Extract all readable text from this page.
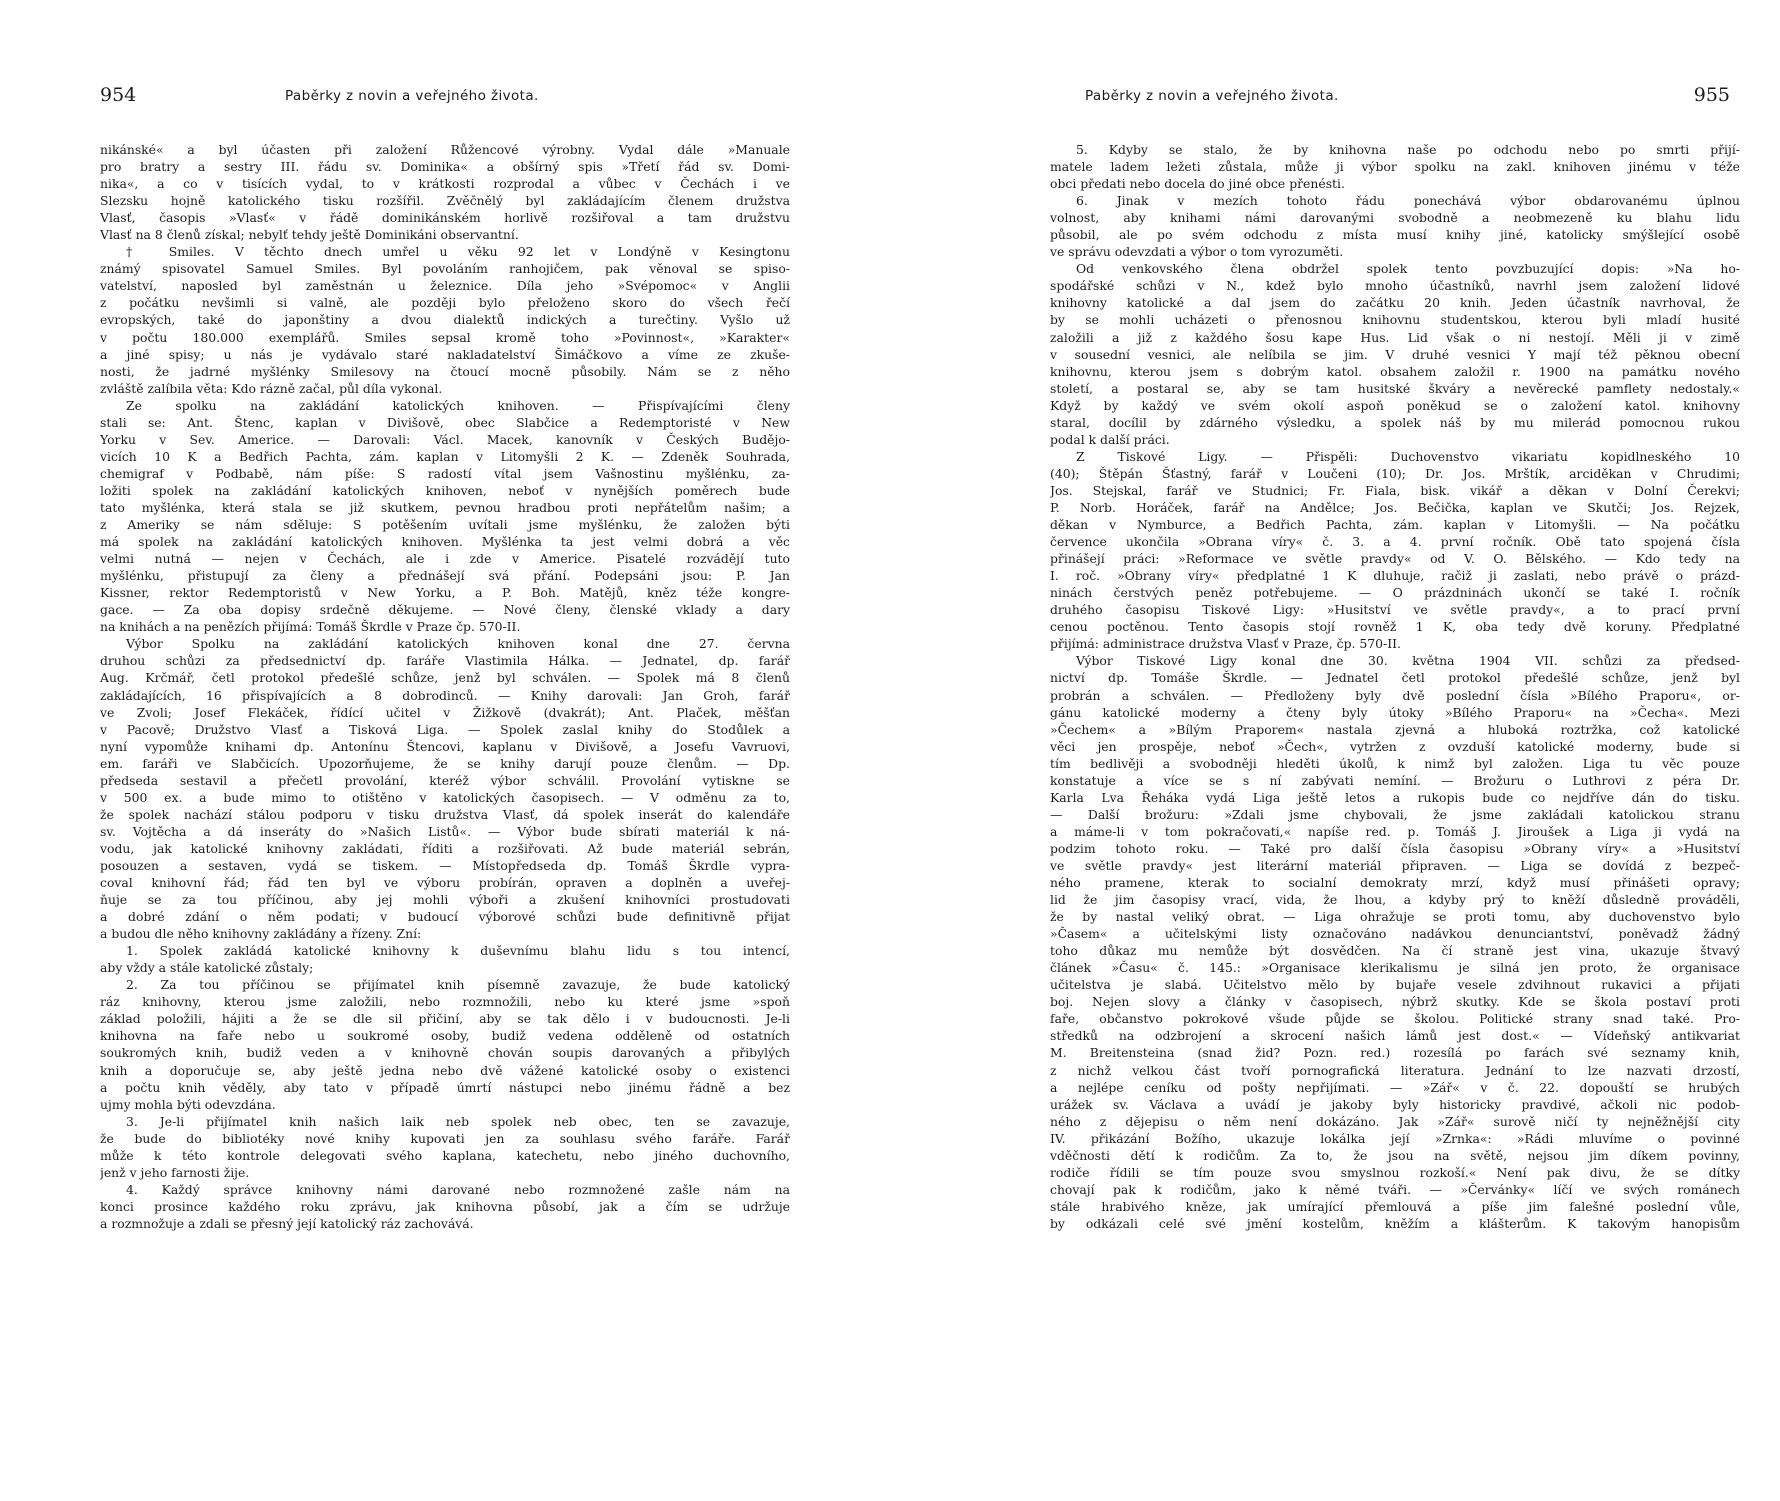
954	Paběrky z novin a veřejného života.
nikánské« a byl účasten při založení Růžencové výrobny. Vydal dále »Manuale
pro bratry a sestry III. řádu sv. Dominika« a obšírný spis »Třetí řád sv. Domi-
nika«, a co v tisících vydal, to v krátkosti rozprodal a vůbec v Čechách i ve
Slezsku hojně katolického tisku rozšířil. Zvěčnělý byl zakládajícím členem družstva
Vlasť, časopis »Vlasť« v řádě dominikánském horlivě rozšiřoval a tam družstvu
Vlasť na 8 členů získal; nebylť tehdy ještě Dominikáni observantní.
† Smiles. V těchto dnech umřel u věku 92 let v Londýně v Kesingtonu
známý spisovatel Samuel Smiles. Byl povoláním ranhojičem, pak věnoval se spiso-
vatelství, naposled byl zaměstnán u železnice. Díla jeho »Svépomoc« v Anglii
z počátku nevšimli si valně, ale později bylo přeloženo skoro do všech řečí
evropských, také do japonštiny a dvou dialektů indických a turečtiny. Vyšlo už
v počtu 180.000 exemplářů. Smiles sepsal kromě toho »Povinnost«, »Karakter«
a jiné spisy; u nás je vydávalo staré nakladatelství Šimáčkovo a víme ze zkuše-
nosti, že jadrné myšlénky Smilesovy na čtoucí mocně působily. Nám se z něho
zvláště zalíbila věta: Kdo rázně začal, půl díla vykonal.
Ze spolku na zakládání katolických knihoven. — Přispívajícími členy
stali se: Ant. Štenc, kaplan v Divišově, obec Slabčice a Redemptoristé v New
Yorku v Sev. Americe. — Darovali: Václ. Macek, kanovník v Českých Budějo-
vicích 10 K a Bedřich Pachta, zám. kaplan v Litomyšli 2 K. — Zdeněk Souhrada,
chemigraf v Podbabě, nám píše: S radostí vítal jsem Vašnostinu myšlénku, za-
ložiti spolek na zakládání katolických knihoven, neboť v nynějších poměrech bude
tato myšlénka, která stala se již skutkem, pevnou hradbou proti nepřátelům našim; a
z Ameriky se nám sděluje: S potěšením uvítali jsme myšlénku, že založen býti
má spolek na zakládání katolických knihoven. Myšlénka ta jest velmi dobrá a věc
velmi nutná — nejen v Čechách, ale i zde v Americe. Pisatelé rozvádějí tuto
myšlénku, přistupují za členy a přednášejí svá přání. Podepsáni jsou: P. Jan
Kissner, rektor Redemptoristů v New Yorku, a P. Boh. Matějů, kněz téže kongre-
gace. — Za oba dopisy srdečně děkujeme. — Nové členy, členské vklady a dary
na knihách a na penězích přijímá: Tomáš Škrdle v Praze čp. 570-II.
Výbor Spolku na zakládání katolických knihoven konal dne 27. června
druhou schůzi za předsednictví dp. faráře Vlastimila Hálka. — Jednatel, dp. farář
Aug. Krčmář, četl protokol předešlé schůze, jenž byl schválen. — Spolek má 8 členů
zakládajících, 16 přispívajících a 8 dobrodinců. — Knihy darovali: Jan Groh, farář
ve Zvoli; Josef Flekáček, řídící učitel v Žižkově (dvakrát); Ant. Plaček, měšťan
v Pacově; Družstvo Vlasť a Tisková Liga. — Spolek zaslal knihy do Stodůlek a
nyní vypomůže knihami dp. Antonínu Štencovi, kaplanu v Divišově, a Josefu Vavruovi,
em. faráři ve Slabčicích. Upozorňujeme, že se knihy darují pouze členům. — Dp.
předseda sestavil a přečetl provolání, kteréž výbor schválil. Provolání vytiskne se
v 500 ex. a bude mimo to otištěno v katolických časopisech. — V odměnu za to,
že spolek nachází stálou podporu v tisku družstva Vlasť, dá spolek inserát do kalendáře
sv. Vojtěcha a dá inseráty do »Našich Listů«. — Výbor bude sbírati materiál k ná-
vodu, jak katolické knihovny zakládati, říditi a rozšiřovati. Až bude materiál sebrán,
posouzen a sestaven, vydá se tiskem. — Místopředseda dp. Tomáš Škrdle vypra-
coval knihovní řád; řád ten byl ve výboru probírán, opraven a doplněn a uveřej-
ňuje se za tou příčinou, aby jej mohli výboři a zkušení knihovníci prostudovati
a dobré zdání o něm podati; v budoucí výborové schůzi bude definitivně přijat
a budou dle něho knihovny zakládány a řízeny. Zní:
1. Spolek zakládá katolické knihovny k duševnímu blahu lidu s tou intencí,
aby vždy a stále katolické zůstaly;
2. Za tou příčinou se přijímatel knih písemně zavazuje, že bude katolický
ráz knihovny, kterou jsme založili, nebo rozmnožili, nebo ku které jsme »spoň
základ položili, hájiti a že se dle sil přičiní, aby se tak dělo i v budoucnosti. Je-li
knihovna na faře nebo u soukromé osoby, budiž vedena odděleně od ostatních
soukromých knih, budiž veden a v knihovně chován soupis darovaných a přibylých
knih a doporučuje se, aby ještě jedna nebo dvě vážené katolické osoby o existenci
a počtu knih věděly, aby tato v případě úmrtí nástupci nebo jinému řádně a bez
ujmy mohla býti odevzdána.
3. Je-li přijímatel knih našich laik neb spolek neb obec, ten se zavazuje,
že bude do bibliotéky nové knihy kupovati jen za souhlasu svého faráře. Farář
může k této kontrole delegovati svého kaplana, katechetu, nebo jiného duchovního,
jenž v jeho farnosti žije.
4. Každý správce knihovny námi darované nebo rozmnožené zašle nám na
konci prosince každého roku zprávu, jak knihovna působí, jak a čím se udržuje
a rozmnožuje a zdali se přesný její katolický ráz zachovává.
Paběrky z novin a veřejného života.	955
5. Kdyby se stalo, že by knihovna naše po odchodu nebo po smrti přijí-
matele ladem ležeti zůstala, může ji výbor spolku na zakl. knihoven jinému v téže
obci předati nebo docela do jiné obce přenésti.
6. Jinak v mezích tohoto řádu ponechává výbor obdarovanému úplnou
volnost, aby knihami námi darovanými svobodně a neobmezeně ku blahu lidu
působil, ale po svém odchodu z místa musí knihy jiné, katolicky smýšlející osobě
ve správu odevzdati a výbor o tom vyrozuměti.
Od venkovského člena obdržel spolek tento povzbuzující dopis: »Na ho-
spodářské schůzi v N., kdež bylo mnoho účastníků, navrhl jsem založení lidové
knihovny katolické a dal jsem do začátku 20 knih. Jeden účastník navrhoval, že
by se mohli ucházeti o přenosnou knihovnu studentskou, kterou byli mladí husité
založili a již z každého šosu kape Hus. Lid však o ni nestojí. Měli ji v zimě
v sousední vesnici, ale nelíbila se jim. V druhé vesnici Y mají též pěknou obecní
knihovnu, kterou jsem s dobrým katol. obsahem založil r. 1900 na památku nového
století, a postaral se, aby se tam husitské škváry a nevěrecké pamflety nedostaly.«
Když by každý ve svém okolí aspoň poněkud se o založení katol. knihovny
staral, docílil by zdárného výsledku, a spolek náš by mu milerád pomocnou rukou
podal k další práci.
Z Tiskové Ligy. — Přispěli: Duchovenstvo vikariatu kopidlneského 10
(40); Štěpán Šťastný, farář v Loučeni (10); Dr. Jos. Mrštík, arciděkan v Chrudimi;
Jos. Stejskal, farář ve Studnici; Fr. Fiala, bisk. vikář a děkan v Dolní Čerekvi;
P. Norb. Horáček, farář na Andělce; Jos. Bečička, kaplan ve Skutči; Jos. Rejzek,
děkan v Nymburce, a Bedřich Pachta, zám. kaplan v Litomyšli. — Na počátku
července ukončila »Obrana víry« č. 3. a 4. první ročník. Obě tato spojená čísla
přinášejí práci: »Reformace ve světle pravdy« od V. O. Bělského. — Kdo tedy na
I. roč. »Obrany víry« předplatné 1 K dluhuje, račiž ji zaslati, nebo právě o prázd-
ninách čerstvých peněz potřebujeme. — O prázdninách ukončí se také I. ročník
druhého časopisu Tiskové Ligy: »Husitství ve světle pravdy«, a to prací první
cenou poctěnou. Tento časopis stojí rovněž 1 K, oba tedy dvě koruny. Předplatné
přijímá: administrace družstva Vlasť v Praze, čp. 570-II.
Výbor Tiskové Ligy konal dne 30. května 1904 VII. schůzi za předsed-
nictví dp. Tomáše Škrdle. — Jednatel četl protokol předešlé schůze, jenž byl
probrán a schválen. — Předloženy byly dvě poslední čísla »Bílého Praporu«, or-
gánu katolické moderny a čteny byly útoky »Bílého Praporu« na »Čecha«. Mezi
»Čechem« a »Bílým Praporem« nastala zjevná a hluboká roztržka, což katolické
věci jen prospěje, neboť »Čech«, vytržen z ovzduší katolické moderny, bude si
tím bedlivěji a svobodněji hleděti úkolů, k nimž byl založen. Liga tu věc pouze
konstatuje a více se s ní zabývati nemíní. — Brožuru o Luthrovi z péra Dr.
Karla Lva Řeháka vydá Liga ještě letos a rukopis bude co nejdříve dán do tisku.
— Další brožuru: »Zdali jsme chybovali, že jsme zakládali katolickou stranu
a máme-li v tom pokračovati,« napíše red. p. Tomáš J. Jiroušek a Liga ji vydá na
podzim tohoto roku. — Také pro další čísla časopisu »Obrany víry« a »Husitství
ve světle pravdy« jest literární materiál připraven. — Liga se dovídá z bezpeč-
ného pramene, kterak to socialní demokraty mrzí, když musí přinášeti opravy;
lid že jim časopisy vrací, vida, že lhou, a kdyby prý to kněží důsledně prováděli,
že by nastal veliký obrat. — Liga ohražuje se proti tomu, aby duchovenstvo bylo
»Časem« a učitelskými listy označováno nadávkou denunciantství, poněvadž žádný
toho důkaz mu nemůže být dosvědčen. Na čí straně jest vina, ukazuje štvavý
článek »Času« č. 145.: »Organisace klerikalismu je silná jen proto, že organisace
učitelstva je slabá. Učitelstvo mělo by bujaře vesele zdvihnout rukavici a přijati
boj. Nejen slovy a články v časopisech, nýbrž skutky. Kde se škola postaví proti
faře, občanstvo pokrokové všude půjde se školou. Politické strany snad také. Pro-
středků na odzbrojení a skrocení našich lámů jest dost.« — Vídeňský antikvariat
M. Breitensteina (snad žid? Pozn. red.) rozesílá po farách své seznamy knih,
z nichž velkou část tvoří pornografická literatura. Jednání to lze nazvati drzostí,
a nejlépe ceníku od pošty nepřijímati. — »Zář« v č. 22. dopouští se hrubých
urážek sv. Václava a uvádí je jakoby byly historicky pravdivé, ačkoli nic podob-
ného z dějepisu o něm není dokázáno. Jak »Zář« surově ničí ty nejněžnější city
IV. přikázání Božího, ukazuje lokálka její »Zrnka«: »Rádi mluvíme o povinné
vděčnosti dětí k rodičům. Za to, že jsou na světě, nejsou jim díkem povinny,
rodiče řídili se tím pouze svou smyslnou rozkoší.« Není pak divu, že se dítky
chovají pak k rodičům, jako k němé tváři. — »Červánky« líčí ve svých románech
stále hrabivého kněze, jak umírající přemlouvá a píše jim falešné poslední vůle,
by odkázali celé své jmění kostelům, kněžím a klášterům. K takovým hanopisům
